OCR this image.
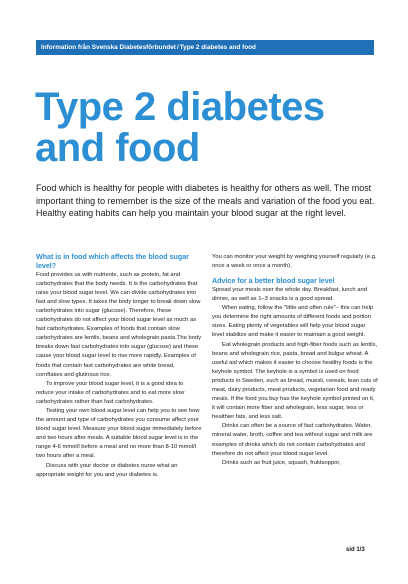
Information från Svenska Diabetesförbundet/Type 2 diabetes and food
Type 2 diabetes and food

Food which is healthy for people with diabetes is healthy for others as well. The most important thing to remember is the size of the meals and variation of the food you eat. Healthy eating habits can help you maintain your blood sugar at the right level.

What is in food which affects the blood sugar level?

Food provides us with nutrients, such as protein, fat and carbohydrates that the body needs. It is the carbohydrates that raise your blood sugar level. We can divide carbohydrates into fast and slow types. It takes the body longer to break down slow carbohydrates into sugar (glucose). Therefore, these carbohydrates do not affect your blood sugar level as much as fast carbohydrates. Examples of foods that contain slow carbohydrates are lentils, beans and wholegrain pasta.The body breaks down fast carbohydrates into sugar (glucose) and these cause your blood sugar level to rise more rapidly. Examples of foods that contain fast carbohydrates are white bread, cornflakes and glutinous rice.

To improve your blood sugar level, it is a good idea to reduce your intake of carbohydrates and to eat more slow carbohydrates rather than fast carbohydrates.

Testing your own blood sugar level can help you to see how the amount and type of carbohydrates you consume affect your blood sugar level. Measure your blood sugar immediately before and two hours after meals. A suitable blood sugar level is in the range 4-6 mmol/l before a meal and no more than 8-10 mmol/l two hours after a meal.

Discuss with your doctor or diabetes nurse what an appropriate weight for you and your diabetes is.

You can monitor your weight by weighing yourself regularly (e.g. once a week or once a month).

Advice for a better blood sugar level

Spread your meals over the whole day. Breakfast, lunch and dinner, as well as 1–3 snacks is a good spread.

When eating, follow the "little and often rule"– this can help you determine the right amounts of different foods and portion sizes. Eating plenty of vegetables will help your blood sugar level stabilize and make it easier to maintain a good weight.

Eat wholegrain products and high-fiber foods such as lentils, beans and wholegrain rice, pasta, bread and bulgur wheat. A useful aid which makes it easier to choose healthy foods is the keyhole symbol. The keyhole is a symbol is used on food products in Sweden, such as bread, muesli, cereals, lean cuts of meat, dairy products, meat products, vegetarian food and ready meals. If the food you buy has the keyhole symbol printed on it, it will contain more fiber and wholegrain, less sugar, less or healthier fats, and less salt.

Drinks can often be a source of fast carbohydrates. Water, mineral water, broth, coffee and tea without sugar and milk are examples of drinks which do not contain carbohydrates and therefore do not affect your blood sugar level.

Drinks such as fruit juice, squash, fruktsoppor,

sid 1/3
